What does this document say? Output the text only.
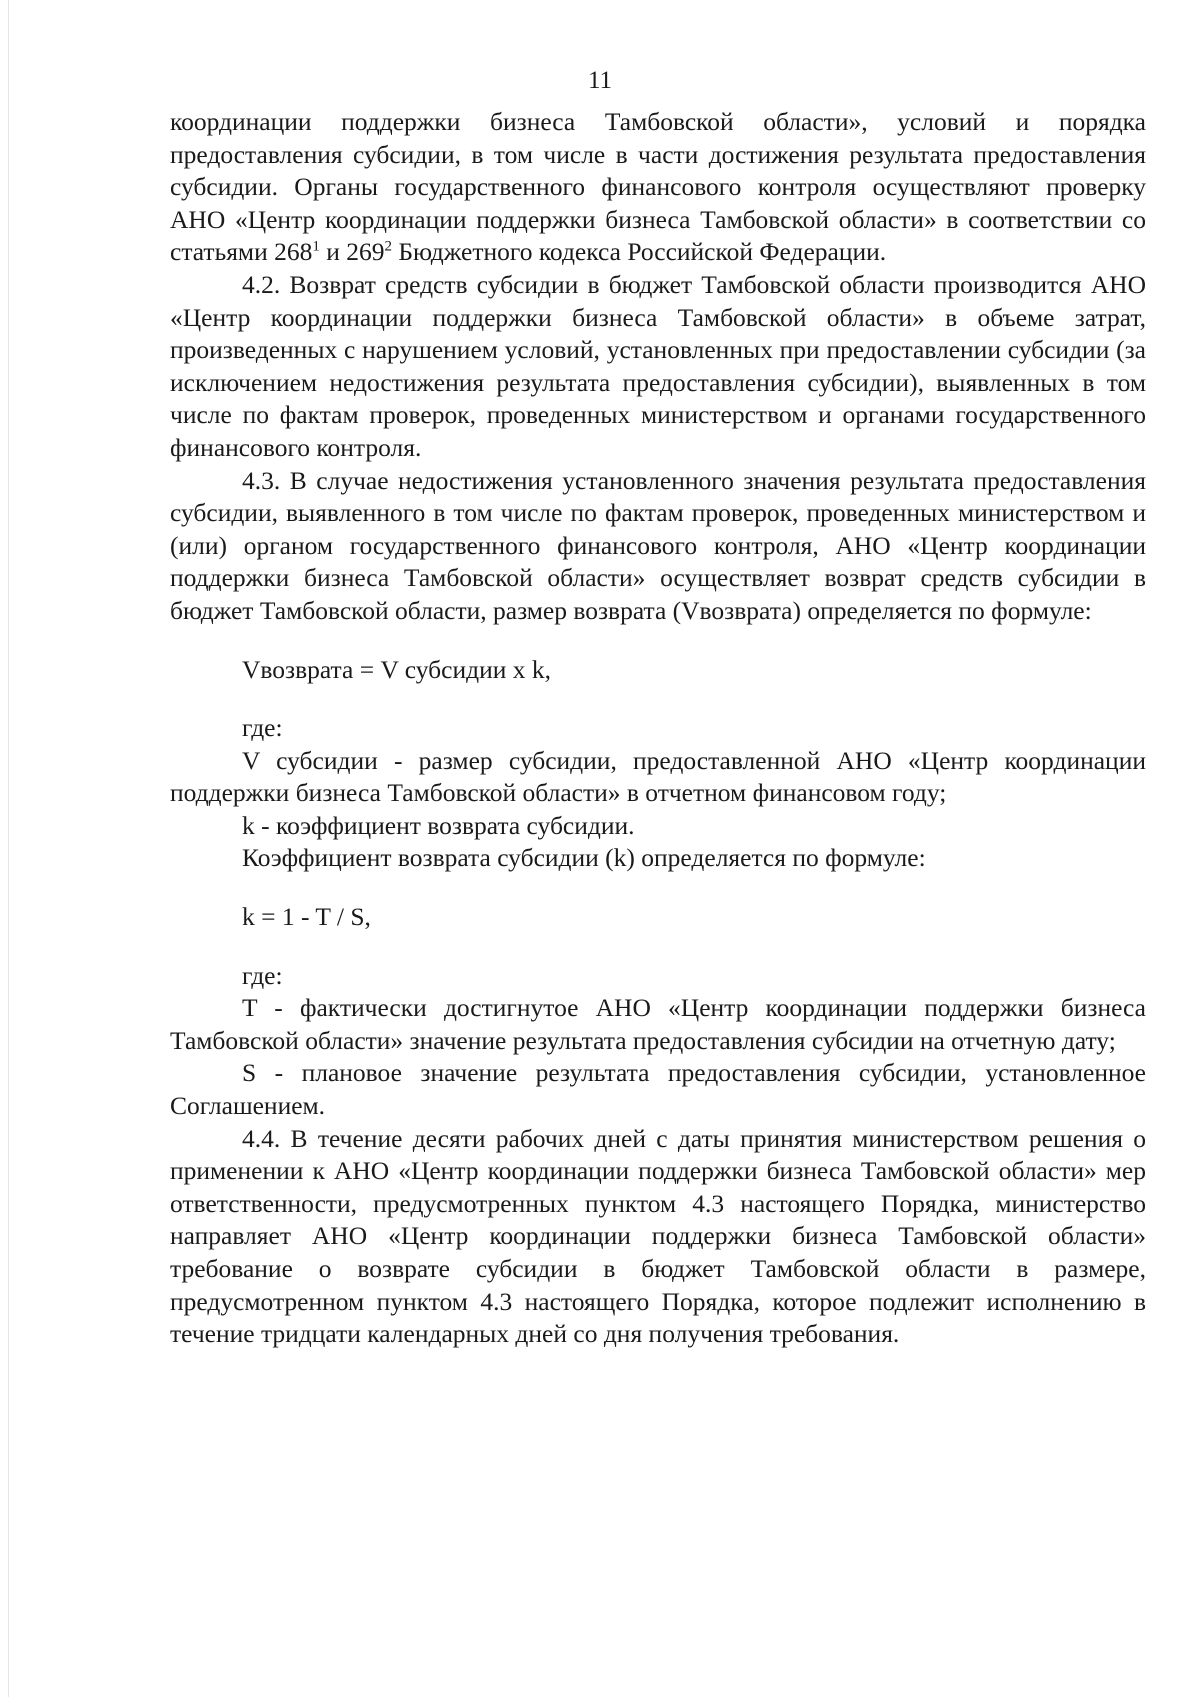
11

координации поддержки бизнеса Тамбовской области», условий и порядка предоставления субсидии, в том числе в части достижения результата предоставления субсидии. Органы государственного финансового контроля осуществляют проверку АНО «Центр координации поддержки бизнеса Тамбовской области» в соответствии со статьями $268^1$ и $269^2$ Бюджетного кодекса Российской Федерации.

4.2. Возврат средств субсидии в бюджет Тамбовской области производится АНО «Центр координации поддержки бизнеса Тамбовской области» в объеме затрат, произведенных с нарушением условий, установленных при предоставлении субсидии (за исключением недостижения результата предоставления субсидии), выявленных в том числе по фактам проверок, проведенных министерством и органами государственного финансового контроля.

4.3. В случае недостижения установленного значения результата предоставления субсидии, выявленного в том числе по фактам проверок, проведенных министерством и (или) органом государственного финансового контроля, АНО «Центр координации поддержки бизнеса Тамбовской области» осуществляет возврат средств субсидии в бюджет Тамбовской области, размер возврата (Vвозврата) определяется по формуле:

Vвозврата = V субсидии x k,

где:

V субсидии - размер субсидии, предоставленной АНО «Центр координации поддержки бизнеса Тамбовской области» в отчетном финансовом году;

k - коэффициент возврата субсидии.

Коэффициент возврата субсидии (k) определяется по формуле:

k = 1 - T / S,

где:

T - фактически достигнутое АНО «Центр координации поддержки бизнеса Тамбовской области» значение результата предоставления субсидии на отчетную дату;

S - плановое значение результата предоставления субсидии, установленное Соглашением.

4.4. В течение десяти рабочих дней с даты принятия министерством решения о применении к АНО «Центр координации поддержки бизнеса Тамбовской области» мер ответственности, предусмотренных пунктом 4.3 настоящего Порядка, министерство направляет АНО «Центр координации поддержки бизнеса Тамбовской области» требование о возврате субсидии в бюджет Тамбовской области в размере, предусмотренном пунктом 4.3 настоящего Порядка, которое подлежит исполнению в течение тридцати календарных дней со дня получения требования.
